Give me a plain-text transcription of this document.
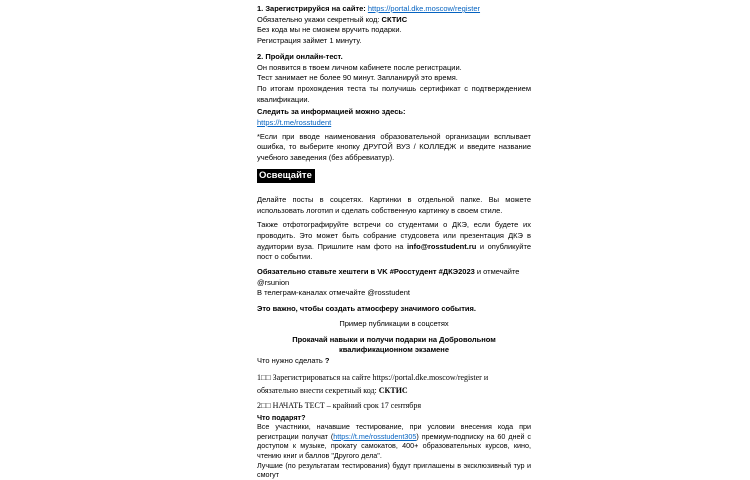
1. Зарегистрируйся на сайте: https://portal.dke.moscow/register
Обязательно укажи секретный код: СКТИС
Без кода мы не сможем вручить подарки.
Регистрация займет 1 минуту.
2. Пройди онлайн-тест.
Он появится в твоем личном кабинете после регистрации.
Тест занимает не более 90 минут. Запланируй это время.
По итогам прохождения теста ты получишь сертификат с подтверждением квалификации.
Следить за информацией можно здесь:
https://t.me/rosstudent
*Если при вводе наименования образовательной организации всплывает ошибка, то выберите кнопку ДРУГОЙ ВУЗ / КОЛЛЕДЖ и введите название учебного заведения (без аббревиатур).
Освещайте
Делайте посты в соцсетях. Картинки в отдельной папке. Вы можете использовать логотип и сделать собственную картинку в своем стиле.
Также отфотографируйте встречи со студентами о ДКЭ, если будете их проводить. Это может быть собрание студсовета или презентация ДКЭ в аудитории вуза. Пришлите нам фото на info@rosstudent.ru и опубликуйте пост о событии.
Обязательно ставьте хештеги в VK #Росстудент #ДКЭ2023 и отмечайте @rsunion
В телеграм-каналах отмечайте @rosstudent
Это важно, чтобы создать атмосферу значимого события.
Пример публикации в соцсетях
Прокачай навыки и получи подарки на Добровольном квалификационном экзамене
Что нужно сделать ?
1□□ Зарегистрироваться на сайте https://portal.dke.moscow/register и обязательно внести секретный код: СКТИС
2□□ НАЧАТЬ ТЕСТ – крайний срок 17 сентября
Что подарят?
Все участники, начавшие тестирование, при условии внесения кода при регистрации получат (https://t.me/rosstudent305) премиум-подписку на 60 дней с доступом к музыке, прокату самокатов, 400+ образовательных курсов, кино, чтению книг и баллов "Другого дела".
Лучшие (по результатам тестирования) будут приглашены в эксклюзивный тур и смогут
